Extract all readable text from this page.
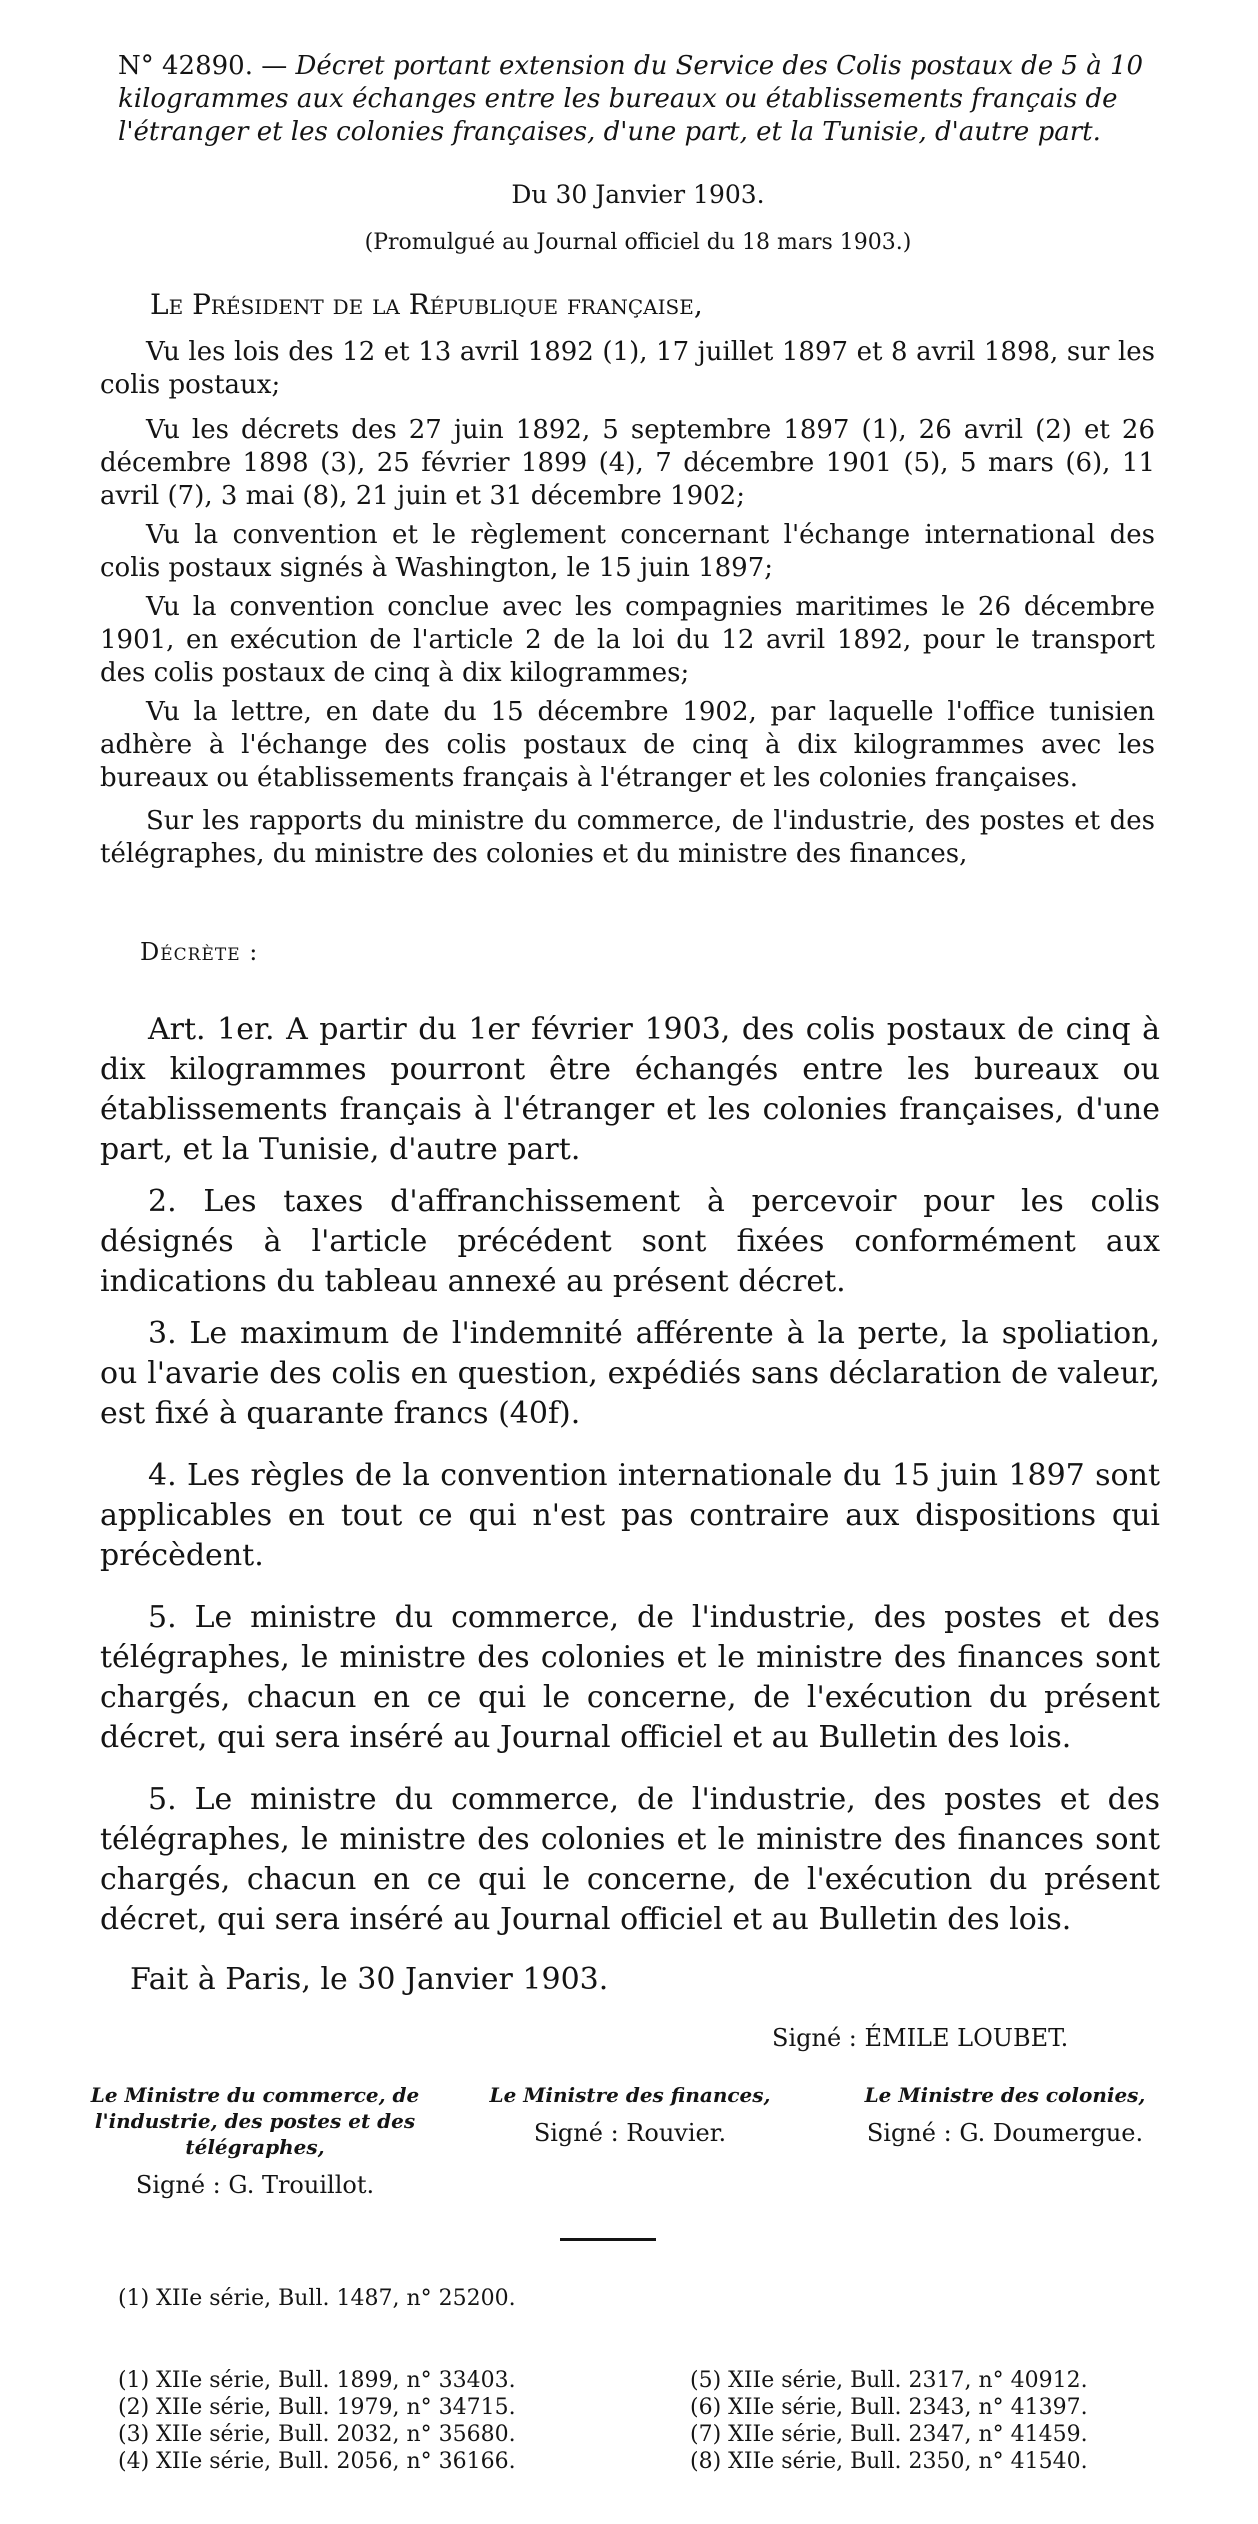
N° 42890. — Décret portant extension du Service des Colis postaux de 5 à 10 kilogrammes aux échanges entre les bureaux ou établissements français de l'étranger et les colonies françaises, d'une part, et la Tunisie, d'autre part.
Du 30 Janvier 1903.
(Promulgué au Journal officiel du 18 mars 1903.)
Le Président de la République française,

Vu les lois des 12 et 13 avril 1892 (1), 17 juillet 1897 et 8 avril 1898, sur les colis postaux;

Vu les décrets des 27 juin 1892, 5 septembre 1897 (1), 26 avril (2) et 26 décembre 1898 (3), 25 février 1899 (4), 7 décembre 1901 (5), 5 mars (6), 11 avril (7), 3 mai (8), 21 juin et 31 décembre 1902;

Vu la convention et le règlement concernant l'échange international des colis postaux signés à Washington, le 15 juin 1897;

Vu la convention conclue avec les compagnies maritimes le 26 décembre 1901, en exécution de l'article 2 de la loi du 12 avril 1892, pour le transport des colis postaux de cinq à dix kilogrammes;

Vu la lettre, en date du 15 décembre 1902, par laquelle l'office tunisien adhère à l'échange des colis postaux de cinq à dix kilogrammes avec les bureaux ou établissements français à l'étranger et les colonies françaises.

Sur les rapports du ministre du commerce, de l'industrie, des postes et des télégraphes, du ministre des colonies et du ministre des finances,

Décrète :

Art. 1er. A partir du 1er février 1903, des colis postaux de cinq à dix kilogrammes pourront être échangés entre les bureaux ou établissements français à l'étranger et les colonies françaises, d'une part, et la Tunisie, d'autre part.

2. Les taxes d'affranchissement à percevoir pour les colis désignés à l'article précédent sont fixées conformément aux indications du tableau annexé au présent décret.

3. Le maximum de l'indemnité afférente à la perte, la spoliation, ou l'avarie des colis en question, expédiés sans déclaration de valeur, est fixé à quarante francs (40f).

4. Les règles de la convention internationale du 15 juin 1897 sont applicables en tout ce qui n'est pas contraire aux dispositions qui précèdent.

5. Le ministre du commerce, de l'industrie, des postes et des télégraphes, le ministre des colonies et le ministre des finances sont chargés, chacun en ce qui le concerne, de l'exécution du présent décret, qui sera inséré au Journal officiel et au Bulletin des lois.

5. Le ministre du commerce, de l'industrie, des postes et des télégraphes, le ministre des colonies et le ministre des finances sont chargés, chacun en ce qui le concerne, de l'exécution du présent décret, qui sera inséré au Journal officiel et au Bulletin des lois.

Fait à Paris, le 30 Janvier 1903.
Signé : ÉMILE LOUBET.
Le Ministre du commerce, de l'industrie, des postes et des télégraphes,
Signé : G. Trouillot.
Le Ministre des finances,
Signé : Rouvier.
Le Ministre des colonies,
Signé : G. Doumergue.
(1) XIIe série, Bull. 1487, n° 25200.
(1) XIIe série, Bull. 1899, n° 33403.
(2) XIIe série, Bull. 1979, n° 34715.
(3) XIIe série, Bull. 2032, n° 35680.
(4) XIIe série, Bull. 2056, n° 36166.
(5) XIIe série, Bull. 2317, n° 40912.
(6) XIIe série, Bull. 2343, n° 41397.
(7) XIIe série, Bull. 2347, n° 41459.
(8) XIIe série, Bull. 2350, n° 41540.
